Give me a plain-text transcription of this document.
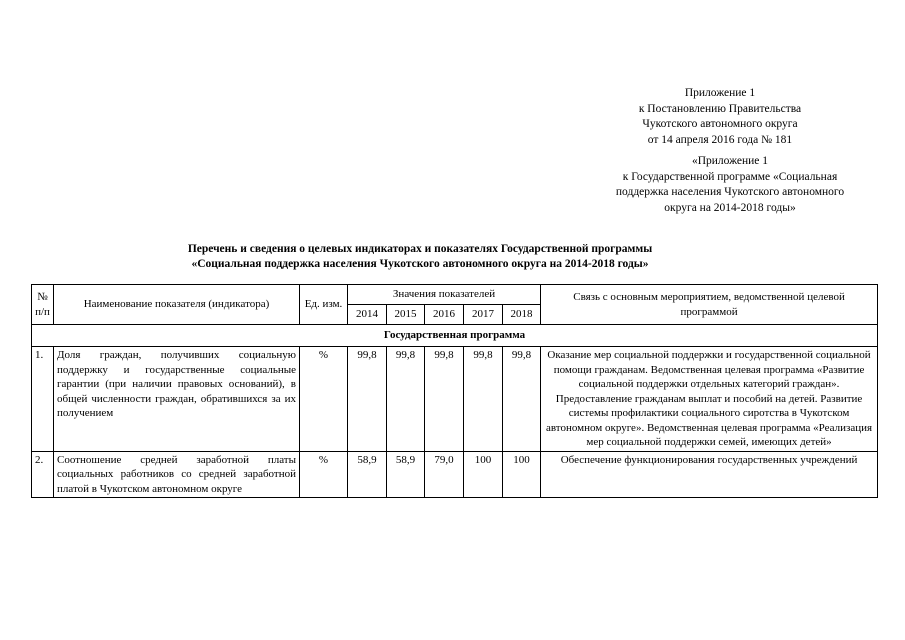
Приложение 1
к Постановлению Правительства
Чукотского автономного округа
от 14 апреля 2016 года № 181
«Приложение 1
к Государственной программе «Социальная
поддержка населения Чукотского автономного
округа на 2014-2018 годы»
Перечень и сведения о целевых индикаторах и показателях Государственной программы
«Социальная поддержка населения Чукотского автономного округа на 2014-2018 годы»
№ п/п	Наименование показателя (индикатора)	Ед. изм.	Значения показателей					Связь с основным мероприятием, ведомственной целевой программой
			2014	2015	2016	2017	2018	
Государственная программа								
1.	Доля граждан, получивших социальную поддержку и государственные социальные гарантии (при наличии правовых оснований), в общей численности граждан, обратившихся за их получением	%	99,8	99,8	99,8	99,8	99,8	Оказание мер социальной поддержки и государственной социальной помощи гражданам. Ведомственная целевая программа «Развитие социальной поддержки отдельных категорий граждан». Предоставление гражданам выплат и пособий на детей. Развитие системы профилактики социального сиротства в Чукотском автономном округе». Ведомственная целевая программа «Реализация мер социальной поддержки семей, имеющих детей»
2.	Соотношение средней заработной платы социальных работников со средней заработной платой в Чукотском автономном округе	%	58,9	58,9	79,0	100	100	Обеспечение функционирования государственных учреждений
